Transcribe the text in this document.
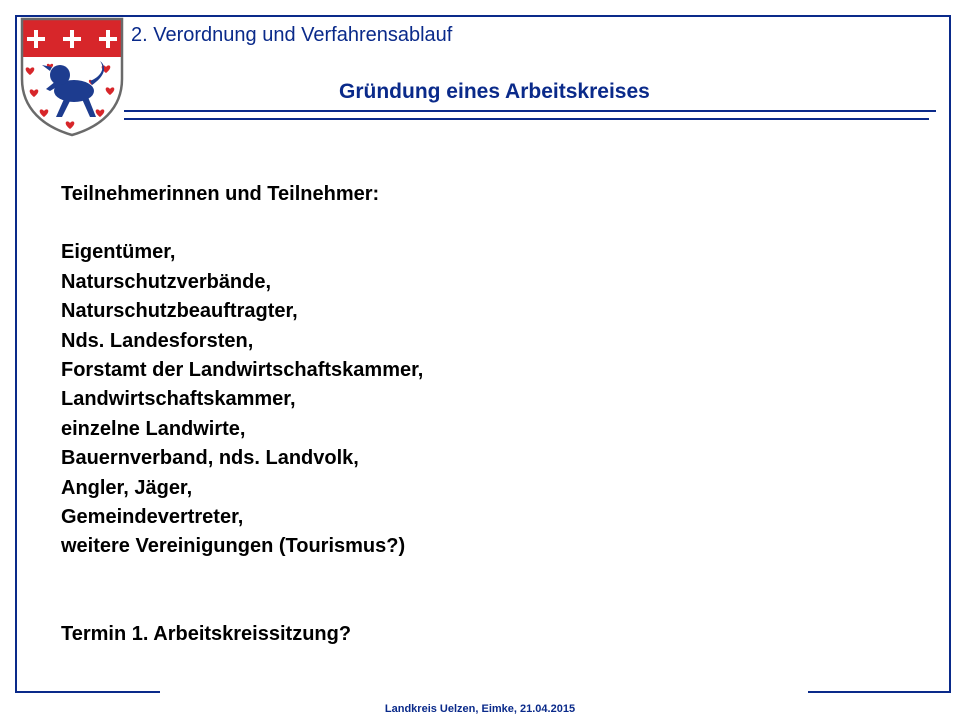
2. Verordnung und Verfahrensablauf
Gründung eines Arbeitskreises

Teilnehmerinnen und Teilnehmer:

Eigentümer,
Naturschutzverbände,
Naturschutzbeauftragter,
Nds. Landesforsten,
Forstamt der Landwirtschaftskammer,
Landwirtschaftskammer,
einzelne Landwirte,
Bauernverband, nds. Landvolk,
Angler, Jäger,
Gemeindevertreter,
weitere Vereinigungen (Tourismus?)

Termin 1. Arbeitskreissitzung?

Landkreis Uelzen, Eimke, 21.04.2015
